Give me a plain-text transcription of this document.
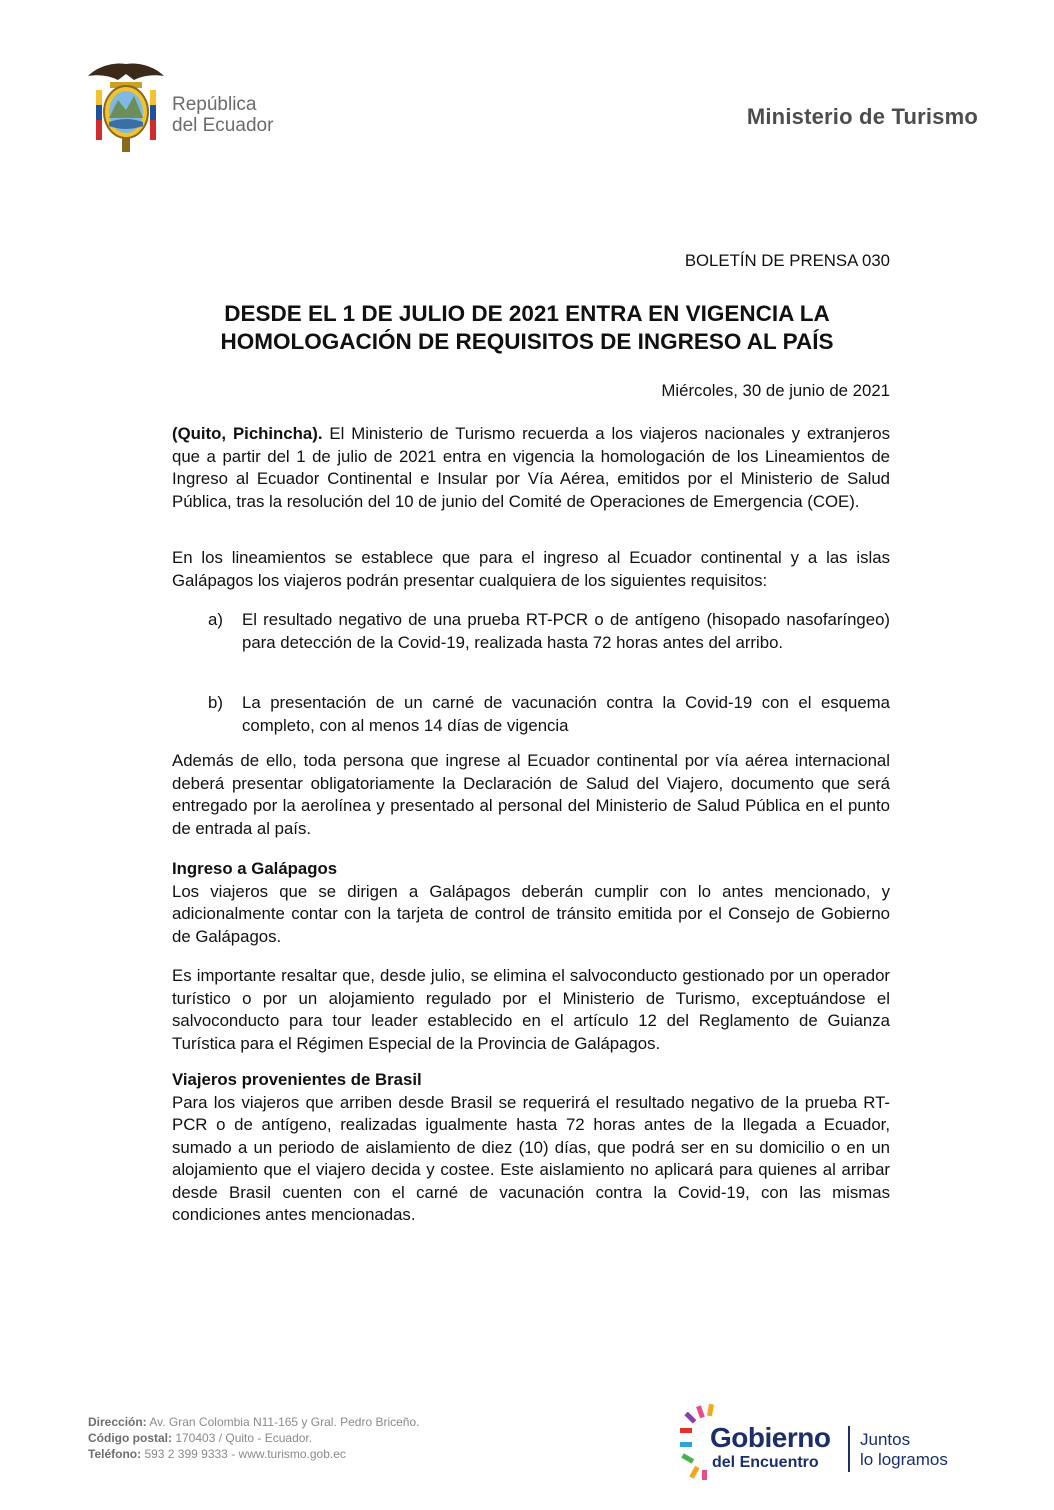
República
del Ecuador	Ministerio de Turismo
BOLETÍN DE PRENSA 030
DESDE EL 1 DE JULIO DE 2021 ENTRA EN VIGENCIA LA
HOMOLOGACIÓN DE REQUISITOS DE INGRESO AL PAÍS
Miércoles, 30 de junio de 2021

(Quito, Pichincha). El Ministerio de Turismo recuerda a los viajeros nacionales y extranjeros que a partir del 1 de julio de 2021 entra en vigencia la homologación de los Lineamientos de Ingreso al Ecuador Continental e Insular por Vía Aérea, emitidos por el Ministerio de Salud Pública, tras la resolución del 10 de junio del Comité de Operaciones de Emergencia (COE).

En los lineamientos se establece que para el ingreso al Ecuador continental y a las islas Galápagos los viajeros podrán presentar cualquiera de los siguientes requisitos:

a)	El resultado negativo de una prueba RT-PCR o de antígeno (hisopado nasofaríngeo) para detección de la Covid-19, realizada hasta 72 horas antes del arribo.
b)	La presentación de un carné de vacunación contra la Covid-19 con el esquema completo, con al menos 14 días de vigencia

Además de ello, toda persona que ingrese al Ecuador continental por vía aérea internacional deberá presentar obligatoriamente la Declaración de Salud del Viajero, documento que será entregado por la aerolínea y presentado al personal del Ministerio de Salud Pública en el punto de entrada al país.

Ingreso a Galápagos

Los viajeros que se dirigen a Galápagos deberán cumplir con lo antes mencionado, y adicionalmente contar con la tarjeta de control de tránsito emitida por el Consejo de Gobierno de Galápagos.

Es importante resaltar que, desde julio, se elimina el salvoconducto gestionado por un operador turístico o por un alojamiento regulado por el Ministerio de Turismo, exceptuándose el salvoconducto para tour leader establecido en el artículo 12 del Reglamento de Guianza Turística para el Régimen Especial de la Provincia de Galápagos.

Viajeros provenientes de Brasil

Para los viajeros que arriben desde Brasil se requerirá el resultado negativo de la prueba RT- PCR o de antígeno, realizadas igualmente hasta 72 horas antes de la llegada a Ecuador, sumado a un periodo de aislamiento de diez (10) días, que podrá ser en su domicilio o en un alojamiento que el viajero decida y costee. Este aislamiento no aplicará para quienes al arribar desde Brasil cuenten con el carné de vacunación contra la Covid-19, con las mismas condiciones antes mencionadas.

Dirección: Av. Gran Colombia N11-165 y Gral. Pedro Briceño.
Código postal: 170403 / Quito - Ecuador.
Teléfono: 593 2 399 9333 - www.turismo.gob.ec
Gobierno
del Encuentro
Juntos
lo logramos
